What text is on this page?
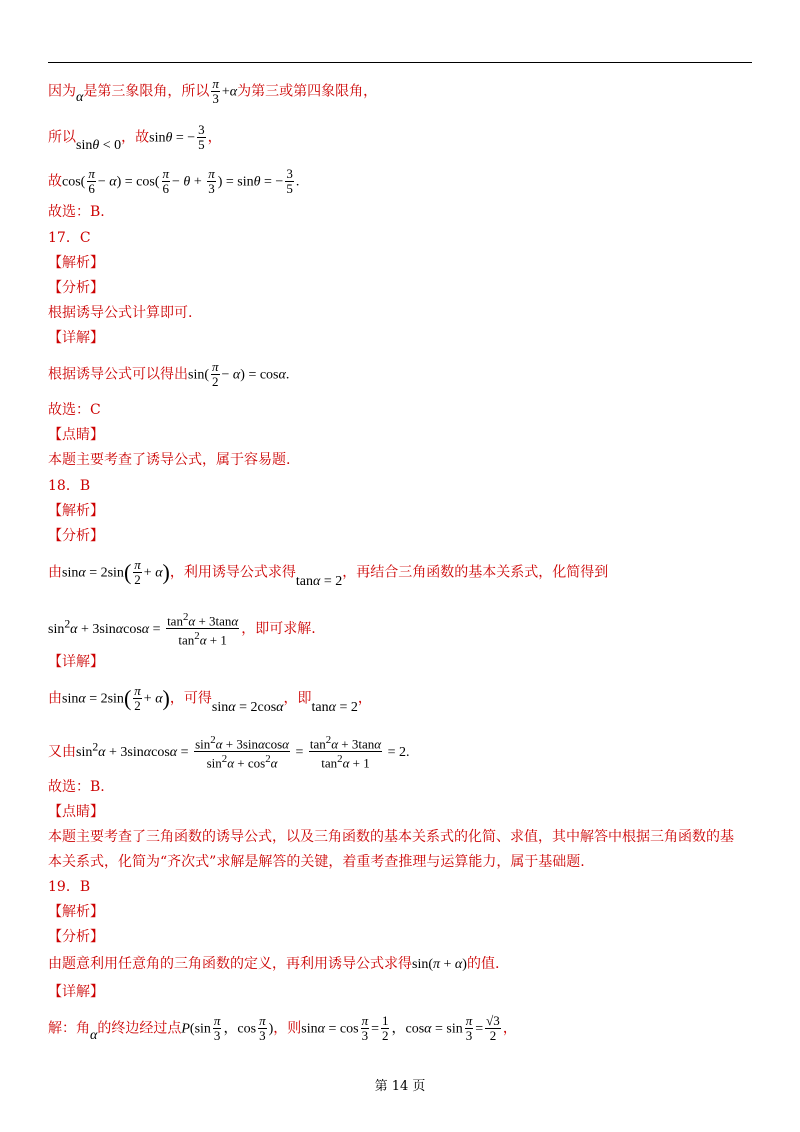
因为α是第三象限角，所以 $\frac{\pi}{3} +\alpha$为第三或第四象限角，
所以sinθ < 0，故sinθ = − $\frac{3}{5}$ ，
故$\cos( \frac{\pi}{6} - \alpha) = \cos( \frac{\pi}{6} - \theta + \frac{\pi}{3}$ ) = sinθ = − $\frac{3}{5}$ .
故选：B.
17．C
【解析】
【分析】
根据诱导公式计算即可.
【详解】
根据诱导公式可以得出$\sin( \frac{\pi}{2} - \alpha) = \cos\alpha$.
故选：C
【点睛】
本题主要考查了诱导公式，属于容易题.
18．B
【解析】
【分析】
由$\sin\alpha = 2\sin( \frac{\pi}{2} + \alpha)$，利用诱导公式求得tanα = 2，再结合三角函数的基本关系式，化简得到
$\sin^2\alpha + 3\sin\alpha\cos\alpha = \frac{\tan^2\alpha + 3\tan\alpha}{\tan^2\alpha + 1}$ ，即可求解.
【详解】
由$\sin\alpha = 2\sin( \frac{\pi}{2} + \alpha)$，可得sinα = 2cosα，即tanα = 2，
又由$\sin^2\alpha + 3\sin\alpha\cos\alpha = \frac{\sin^2\alpha + 3\sin\alpha\cos\alpha}{\sin^2\alpha + \cos^2\alpha} = \frac{\tan^2\alpha + 3\tan\alpha}{\tan^2\alpha + 1} = 2$.
故选：B.
【点睛】
本题主要考查了三角函数的诱导公式，以及三角函数的基本关系式的化简、求值，其中解答中根据三角函数的基
本关系式，化简为“齐次式”求解是解答的关键，着重考查推理与运算能力，属于基础题.
19．B
【解析】
【分析】
由题意利用任意角的三角函数的定义，再利用诱导公式求得sin(π + α)的值.
【详解】
解：角α的终边经过点$P(\sin \frac{\pi}{3}$ ，$\cos \frac{\pi}{3}$ )，则$\sin\alpha = \cos \frac{\pi}{3} = \frac{1}{2}$ ，$\cos\alpha = \sin \frac{\pi}{3} = \frac{√3}{2}$ ，
第 14 页
